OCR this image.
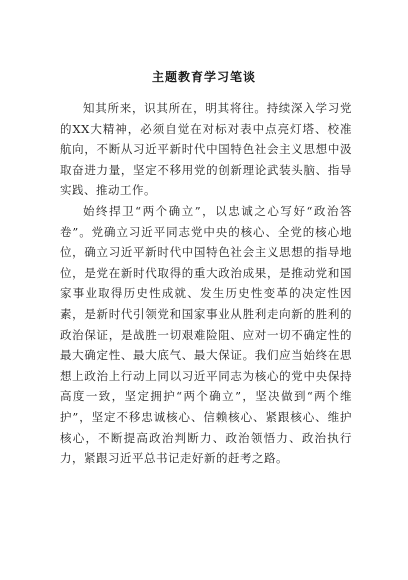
主题教育学习笔谈

知其所来，识其所在，明其将往。持续深入学习党的XX大精神，必须自觉在对标对表中点亮灯塔、校准航向，不断从习近平新时代中国特色社会主义思想中汲取奋进力量，坚定不移用党的创新理论武装头脑、指导实践、推动工作。

始终捍卫“两个确立”，以忠诚之心写好“政治答卷”。党确立习近平同志党中央的核心、全党的核心地位，确立习近平新时代中国特色社会主义思想的指导地位，是党在新时代取得的重大政治成果，是推动党和国家事业取得历史性成就、发生历史性变革的决定性因素，是新时代引领党和国家事业从胜利走向新的胜利的政治保证，是战胜一切艰难险阻、应对一切不确定性的最大确定性、最大底气、最大保证。我们应当始终在思想上政治上行动上同以习近平同志为核心的党中央保持高度一致，坚定拥护“两个确立”，坚决做到“两个维护”，坚定不移忠诚核心、信赖核心、紧跟核心、维护核心，不断提高政治判断力、政治领悟力、政治执行力，紧跟习近平总书记走好新的赶考之路。
